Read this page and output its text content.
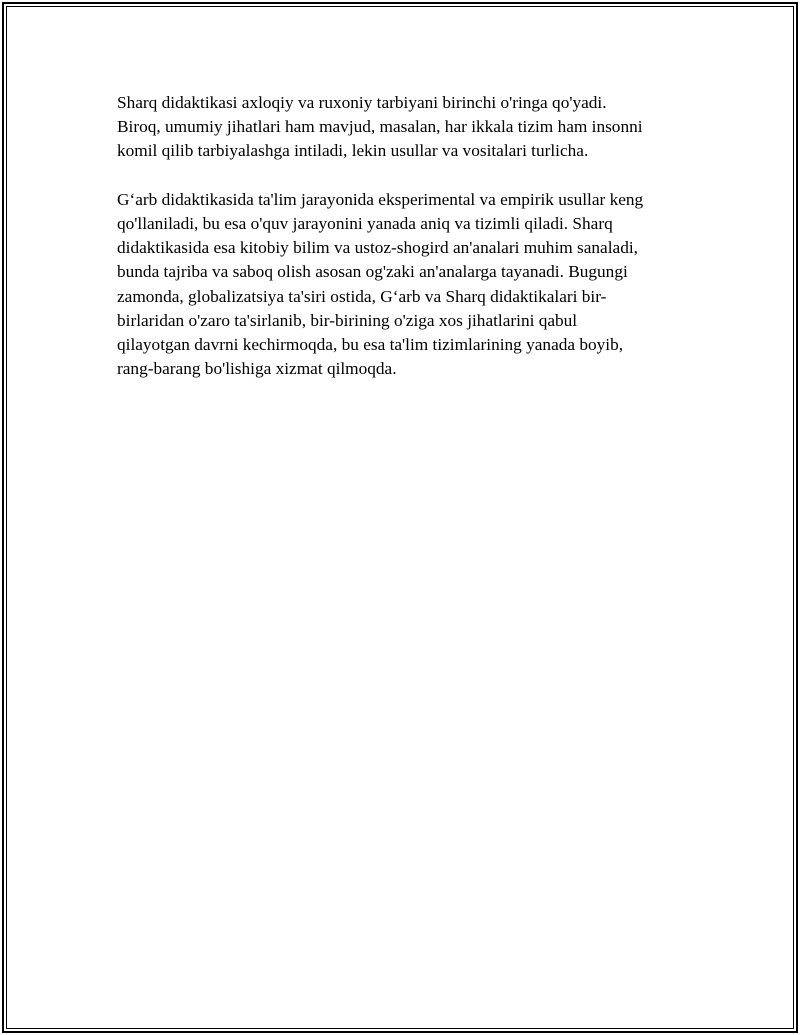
Sharq didaktikasi axloqiy va ruxoniy tarbiyani birinchi o'ringa qo'yadi.
Biroq, umumiy jihatlari ham mavjud, masalan, har ikkala tizim ham insonni
komil qilib tarbiyalashga intiladi, lekin usullar va vositalari turlicha.

G‘arb didaktikasida ta'lim jarayonida eksperimental va empirik usullar keng
qo'llaniladi, bu esa o'quv jarayonini yanada aniq va tizimli qiladi. Sharq
didaktikasida esa kitobiy bilim va ustoz-shogird an'analari muhim sanaladi,
bunda tajriba va saboq olish asosan og'zaki an'analarga tayanadi. Bugungi
zamonda, globalizatsiya ta'siri ostida, G‘arb va Sharq didaktikalari bir-
birlaridan o'zaro ta'sirlanib, bir-birining o'ziga xos jihatlarini qabul
qilayotgan davrni kechirmoqda, bu esa ta'lim tizimlarining yanada boyib,
rang-barang bo'lishiga xizmat qilmoqda.
